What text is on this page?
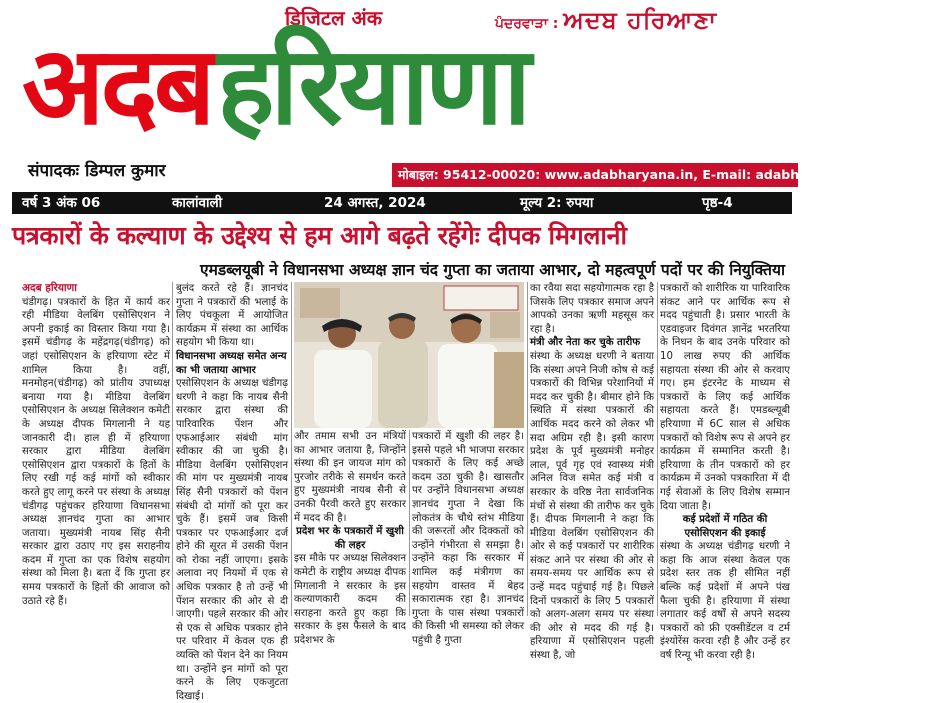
डिजिटल अंक	ਪੰਦਰਵਾੜਾ : ਅਦਬ ਹਰਿਆਣਾ
अदब हरियाणा
संपादकः डिम्पल कुमार	मोबाइल: 95412-00020: www.adabharyana.in, E-mail: adabharyana@gmail.com
वर्ष 3 अंक 06	कालांवाली	24 अगस्त, 2024	मूल्य 2: रुपया	पृष्ठ-4
पत्रकारों के कल्याण के उद्देश्य से हम आगे बढ़ते रहेंगेः दीपक मिगलानी
एमडब्लयूबी ने विधानसभा अध्यक्ष ज्ञान चंद गुप्ता का जताया आभार, दो महत्वपूर्ण पदों पर की नियुक्तिया
अदब हरियाणा
चंडीगढ़। पत्रकारों के हित में कार्य कर रही मीडिया वेलबिंग एसोसिएशन ने अपनी इकाई का विस्तार किया गया है। इसमें चंडीगढ़ के महेंद्रगढ़(चंडीगढ़) को जहां एसोसिएशन के हरियाणा स्टेट में शामिल किया है। वहीं, मनमोहन(चंडीगढ़) को प्रांतीय उपाध्यक्ष बनाया गया है। मीडिया वेलबिंग एसोसिएशन के अध्यक्ष सिलेक्शन कमेटी के अध्यक्ष दीपक मिगलानी ने यह जानकारी दी। हाल ही में हरियाणा सरकार द्वारा मीडिया वेलबिंग एसोसिएशन द्वारा पत्रकारों के हितों के लिए रखी गई कई मांगों को स्वीकार करते हुए लागू करने पर संस्था के अध्यक्ष चंडीगढ़ पहुंचकर हरियाणा विधानसभा अध्यक्ष ज्ञानचंद गुप्ता का आभार जताया। मुख्यमंत्री नायब सिंह सैनी सरकार द्वारा उठाए गए इस सराहनीय कदम में गुप्ता का एक विशेष सहयोग संस्था को मिला है। बता दें कि गुप्ता हर समय पत्रकारों के हितों की आवाज को उठाते रहे हैं।
बुलंद करते रहे हैं। ज्ञानचंद गुप्ता ने पत्रकारों की भलाई के लिए पंचकूला में आयोजित कार्यक्रम में संस्था का आर्थिक सहयोग भी किया था।
विधानसभा अध्यक्ष समेत अन्य का भी जताया आभार
एसोसिएशन के अध्यक्ष चंडीगढ़ धरणी ने कहा कि नायब सैनी सरकार द्वारा संस्था की पारिवारिक पेंशन और एफआईआर संबंधी मांग स्वीकार की जा चुकी है। मीडिया वेलबिंग एसोसिएशन की मांग पर मुख्यमंत्री नायब सिंह सैनी पत्रकारों को पेंशन संबंधी दो मांगों को पूरा कर चुके हैं। इसमें जब किसी पत्रकार पर एफआईआर दर्ज होने की सूरत में उसकी पेंशन को रोका नहीं जाएगा। इसके अलावा नए नियमों में एक से अधिक पत्रकार है तो उन्हें भी पेंशन सरकार की ओर से दी जाएगी। पहले सरकार की ओर से एक से अधिक पत्रकार होने पर परिवार में केवल एक ही व्यक्ति को पेंशन देने का नियम था। उन्होंने इन मांगों को पूरा करने के लिए एकजुटता दिखाई।
और तमाम सभी उन मंत्रियों का आभार जताया है, जिन्होंने संस्था की इन जायज मांग को पुरजोर तरीके से समर्थन करते हुए मुख्यमंत्री नायब सैनी से उनकी पैरवी करते हुए सरकार में मदद की है।
प्रदेश भर के पत्रकारों में खुशी की लहर
इस मौके पर अध्यक्ष सिलेक्शन कमेटी के राष्ट्रीय अध्यक्ष दीपक मिगलानी ने सरकार के इस कल्याणकारी कदम की सराहना करते हुए कहा कि सरकार के इस फैसले के बाद प्रदेशभर के
पत्रकारों में खुशी की लहर है। इससे पहले भी भाजपा सरकार पत्रकारों के लिए कई अच्छे कदम उठा चुकी है। खासतौर पर उन्होंने विधानसभा अध्यक्ष ज्ञानचंद गुप्ता ने देखा कि लोकतंत्र के चौथे स्तंभ मीडिया की जरूरतों और दिक्कतों को उन्होंने गंभीरता से समझा है। उन्होंने कहा कि सरकार में शामिल कई मंत्रीगण का सहयोग वास्तव में बेहद सकारात्मक रहा है। ज्ञानचंद गुप्ता के पास संस्था पत्रकारों की किसी भी समस्या को लेकर पहुंची है गुप्ता
का रवैया सदा सहयोगात्मक रहा है जिसके लिए पत्रकार समाज अपने आपको उनका ऋणी महसूस कर रहा है।
मंत्री और नेता कर चुके तारीफ
संस्था के अध्यक्ष धरणी ने बताया कि संस्था अपने निजी कोष से कई पत्रकारों की विभिन्न परेशानियों में मदद कर चुकी है। बीमार होने कि स्थिति में संस्था पत्रकारों की आर्थिक मदद करने को लेकर भी सदा अग्रिम रही है। इसी कारण प्रदेश के पूर्व मुख्यमंत्री मनोहर लाल, पूर्व गृह एवं स्वास्थ्य मंत्री अनिल विज समेत कई मंत्री व सरकार के वरिष्ठ नेता सार्वजनिक मंचों से संस्था की तारीफ कर चुके हैं। दीपक मिगलानी ने कहा कि मीडिया वेलबिंग एसोसिएशन की ओर से कई पत्रकारों पर शारीरिक संकट आने पर संस्था की ओर से समय-समय पर आर्थिक रूप से उन्हें मदद पहुंचाई गई है। पिछले दिनों पत्रकारों के लिए 5 पत्रकारों को अलग-अलग समय पर संस्था की ओर से मदद की गई है। हरियाणा में एसोसिएशन पहली संस्था है, जो
पत्रकारों को शारीरिक या पारिवारिक संकट आने पर आर्थिक रूप से मदद पहुंचाती है। प्रसार भारती के एडवाइजर दिवंगत ज्ञानेंद्र भरतरिया के निधन के बाद उनके परिवार को 10 लाख रुपए की आर्थिक सहायता संस्था की ओर से करवाए गए। हम इंटरनेट के माध्यम से पत्रकारों के लिए कई आर्थिक सहायता करते हैं। एमडब्ल्यूबी हरियाणा में 6C साल से अधिक पत्रकारों को विशेष रूप से अपने हर कार्यक्रम में सम्मानित करती है। हरियाणा के तीन पत्रकारों को हर कार्यक्रम में उनको पत्रकारिता में दी गई सेवाओं के लिए विशेष सम्मान दिया जाता है।
कई प्रदेशों में गठित की एसोसिएशन की इकाई
संस्था के अध्यक्ष चंडीगढ़ धरणी ने कहा कि आज संस्था केवल एक प्रदेश स्तर तक ही सीमित नहीं बल्कि कई प्रदेशों में अपने पंख फैला चुकी है। हरियाणा में संस्था लगातार कई वर्षों से अपने सदस्य पत्रकारों को फ्री एक्सीडेंटल व टर्म इंश्योरेंस करवा रही है और उन्हें हर वर्ष रिन्यू भी करवा रही है।
